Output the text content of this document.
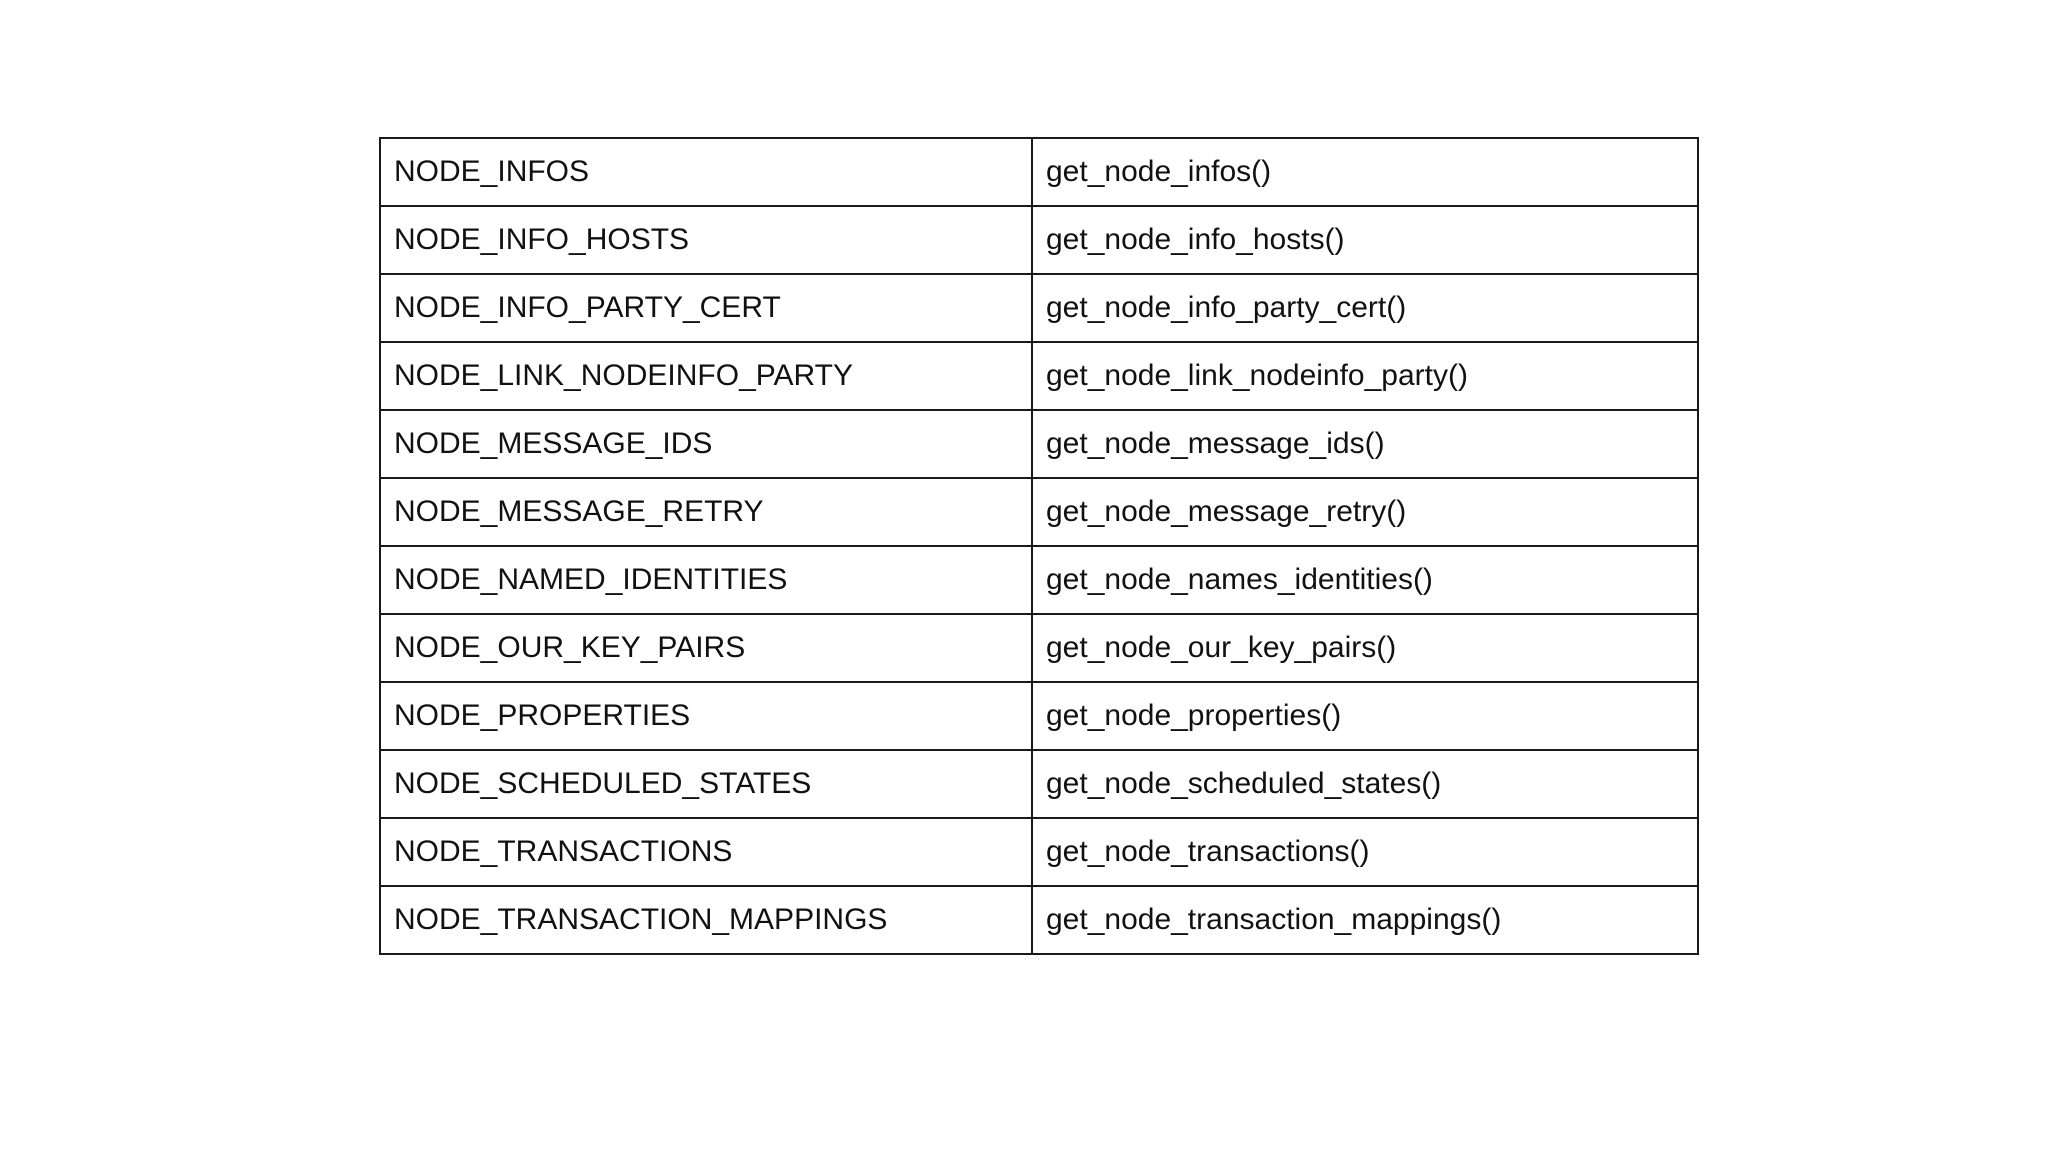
NODE_INFOS	get_node_infos()
NODE_INFO_HOSTS	get_node_info_hosts()
NODE_INFO_PARTY_CERT	get_node_info_party_cert()
NODE_LINK_NODEINFO_PARTY	get_node_link_nodeinfo_party()
NODE_MESSAGE_IDS	get_node_message_ids()
NODE_MESSAGE_RETRY	get_node_message_retry()
NODE_NAMED_IDENTITIES	get_node_names_identities()
NODE_OUR_KEY_PAIRS	get_node_our_key_pairs()
NODE_PROPERTIES	get_node_properties()
NODE_SCHEDULED_STATES	get_node_scheduled_states()
NODE_TRANSACTIONS	get_node_transactions()
NODE_TRANSACTION_MAPPINGS	get_node_transaction_mappings()
